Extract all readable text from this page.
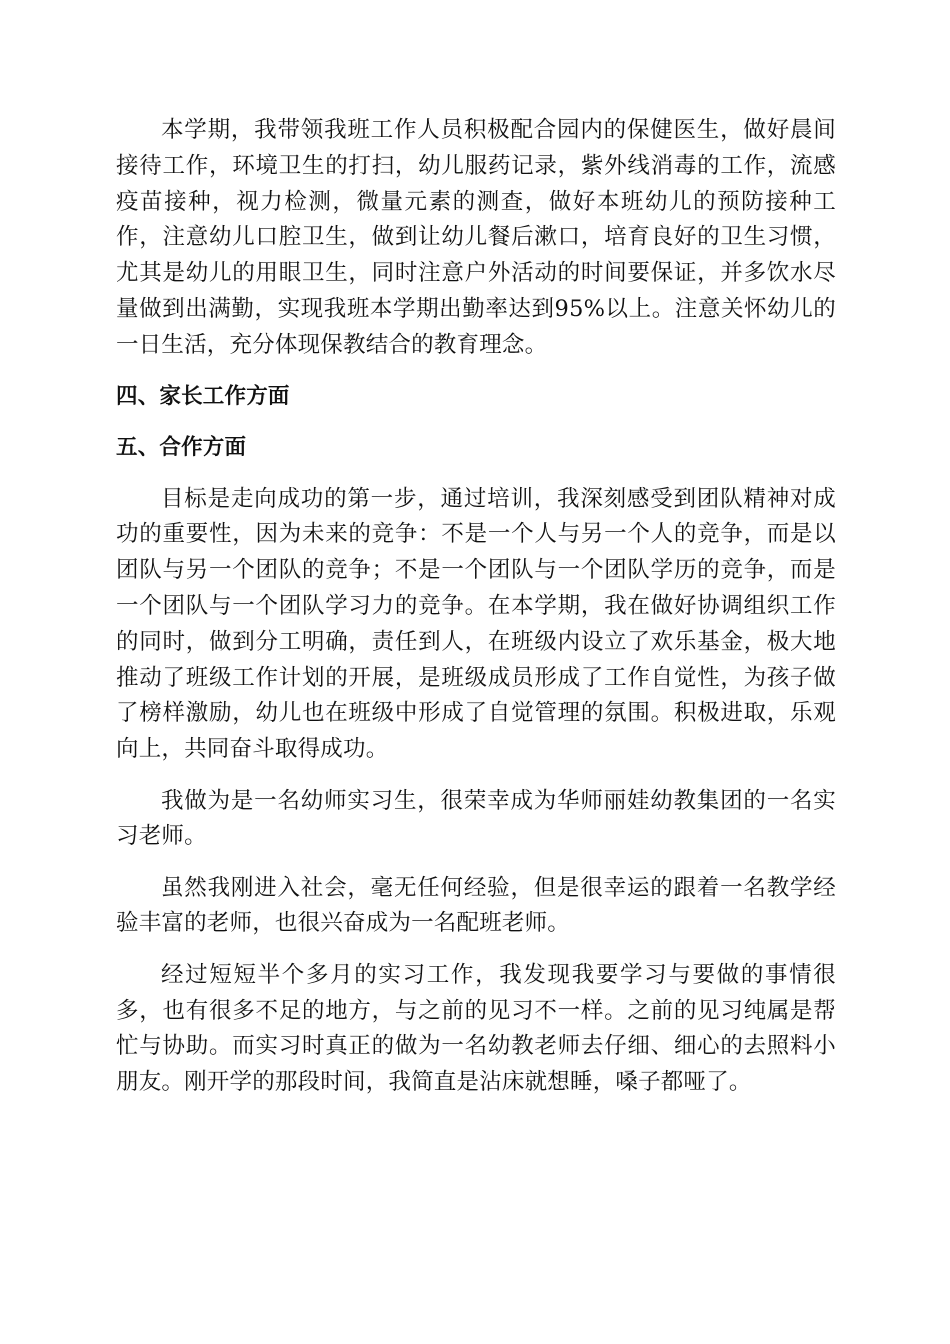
本学期，我带领我班工作人员积极配合园内的保健医生，做好晨间接待工作，环境卫生的打扫，幼儿服药记录，紫外线消毒的工作，流感疫苗接种，视力检测，微量元素的测查，做好本班幼儿的预防接种工作，注意幼儿口腔卫生，做到让幼儿餐后漱口，培育良好的卫生习惯，尤其是幼儿的用眼卫生，同时注意户外活动的时间要保证，并多饮水尽量做到出满勤，实现我班本学期出勤率达到95%以上。注意关怀幼儿的一日生活，充分体现保教结合的教育理念。

四、家长工作方面

五、合作方面

目标是走向成功的第一步，通过培训，我深刻感受到团队精神对成功的重要性，因为未来的竞争：不是一个人与另一个人的竞争，而是以团队与另一个团队的竞争；不是一个团队与一个团队学历的竞争，而是一个团队与一个团队学习力的竞争。在本学期，我在做好协调组织工作的同时，做到分工明确，责任到人，在班级内设立了欢乐基金，极大地推动了班级工作计划的开展，是班级成员形成了工作自觉性，为孩子做了榜样激励，幼儿也在班级中形成了自觉管理的氛围。积极进取，乐观向上，共同奋斗取得成功。

我做为是一名幼师实习生，很荣幸成为华师丽娃幼教集团的一名实习老师。

虽然我刚进入社会，毫无任何经验，但是很幸运的跟着一名教学经验丰富的老师，也很兴奋成为一名配班老师。

经过短短半个多月的实习工作，我发现我要学习与要做的事情很多，也有很多不足的地方，与之前的见习不一样。之前的见习纯属是帮忙与协助。而实习时真正的做为一名幼教老师去仔细、细心的去照料小朋友。刚开学的那段时间，我简直是沾床就想睡，嗓子都哑了。
